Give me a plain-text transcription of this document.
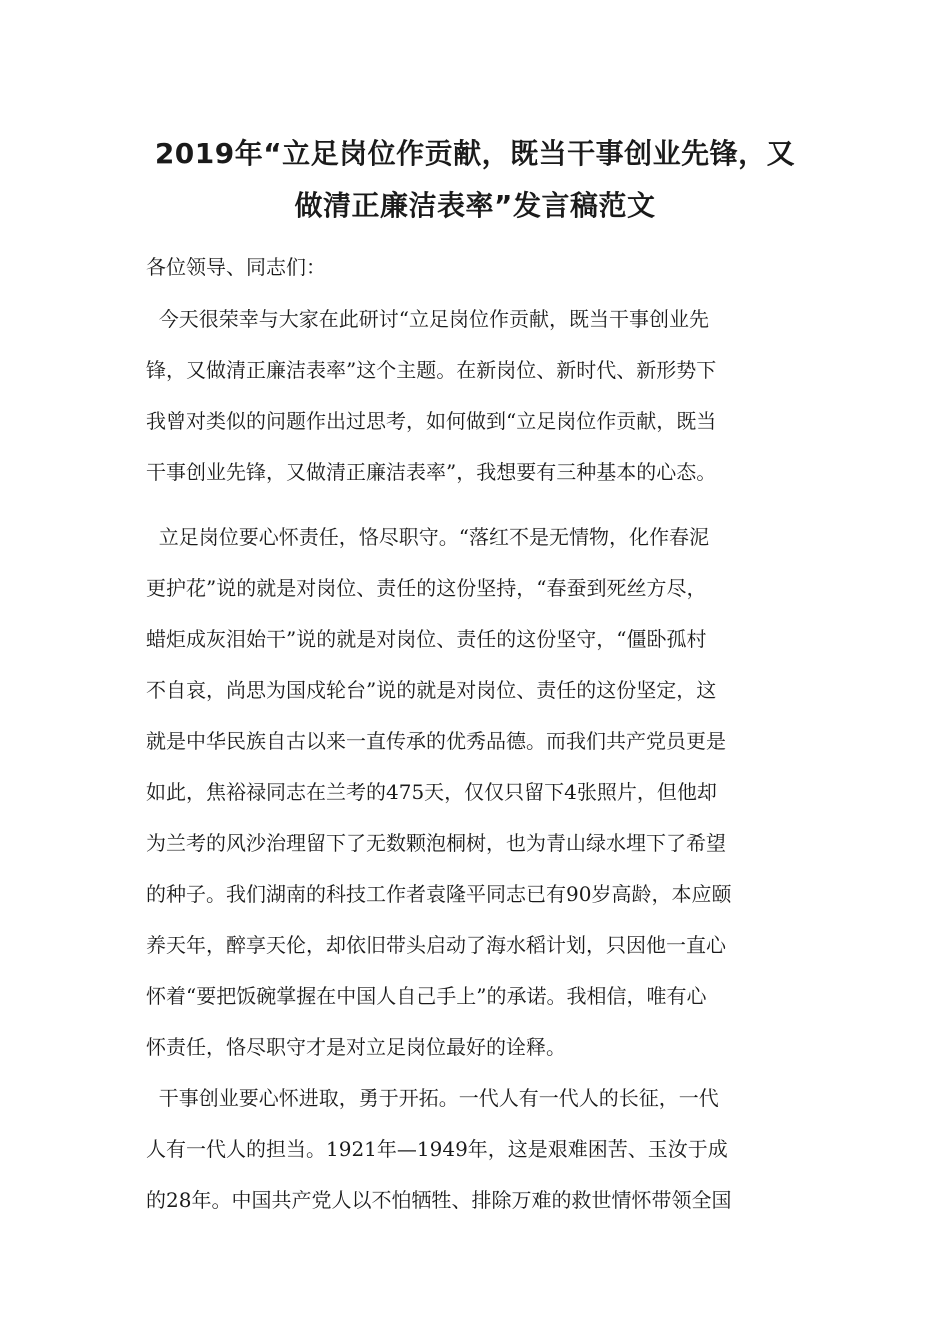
2019年“立足岗位作贡献，既当干事创业先锋，又
做清正廉洁表率”发言稿范文

各位领导、同志们：

今天很荣幸与大家在此研讨“立足岗位作贡献，既当干事创业先
锋，又做清正廉洁表率”这个主题。在新岗位、新时代、新形势下
我曾对类似的问题作出过思考，如何做到“立足岗位作贡献，既当
干事创业先锋，又做清正廉洁表率”，我想要有三种基本的心态。

立足岗位要心怀责任，恪尽职守。“落红不是无情物，化作春泥
更护花”说的就是对岗位、责任的这份坚持，“春蚕到死丝方尽，
蜡炬成灰泪始干”说的就是对岗位、责任的这份坚守，“僵卧孤村
不自哀，尚思为国戍轮台”说的就是对岗位、责任的这份坚定，这
就是中华民族自古以来一直传承的优秀品德。而我们共产党员更是
如此，焦裕禄同志在兰考的475天，仅仅只留下4张照片，但他却
为兰考的风沙治理留下了无数颗泡桐树，也为青山绿水埋下了希望
的种子。我们湖南的科技工作者袁隆平同志已有90岁高龄，本应颐
养天年，醉享天伦，却依旧带头启动了海水稻计划，只因他一直心
怀着“要把饭碗掌握在中国人自己手上”的承诺。我相信，唯有心
怀责任，恪尽职守才是对立足岗位最好的诠释。

干事创业要心怀进取，勇于开拓。一代人有一代人的长征，一代
人有一代人的担当。1921年—1949年，这是艰难困苦、玉汝于成
的28年。中国共产党人以不怕牺牲、排除万难的救世情怀带领全国
